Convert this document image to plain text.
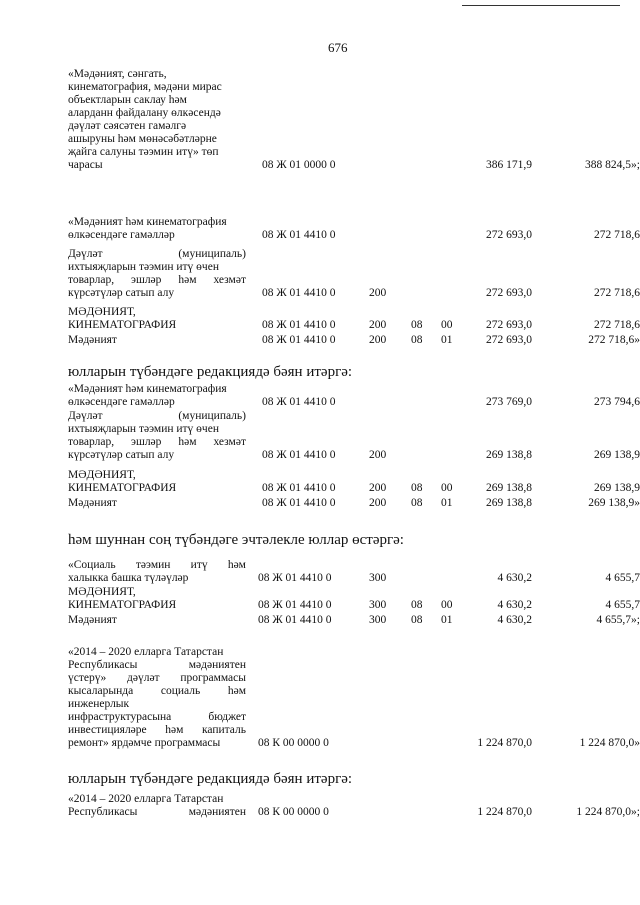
676
«Мәдәният, сәнгать,
кинематография, мәдәни мирас
объектларын саклау һәм
аларданн файдалану өлкәсендә
дәүләт сәясәтен гамәлгә
ашыруны һәм мөнәсәбәтләрне
җайга салуны тәэмин итү» төп
чарасы	08 Ж 01 0000 0	386 171,9	388 824,5»;
«Мәдәният һәм кинематография
өлкәсендәге гамәлләр	08 Ж 01 4410 0	272 693,0	272 718,6
Дәүләт	(муниципаль)
ихтыяҗларын тәэмин итү өчен
товарлар, эшләр һәм хезмәт
күрсәтүләр сатып алу	08 Ж 01 4410 0	200	272 693,0	272 718,6
МӘДӘНИЯТ,
КИНЕМАТОГРАФИЯ	08 Ж 01 4410 0	200 08 00	272 693,0	272 718,6
Мәдәният	08 Ж 01 4410 0	200 08 01	272 693,0	272 718,6»
юлларын түбәндәге редакциядә бәян итәргә:
«Мәдәният һәм кинематография
өлкәсендәге гамәлләр	08 Ж 01 4410 0	273 769,0	273 794,6
Дәүләт	(муниципаль)
ихтыяҗларын тәэмин итү өчен
товарлар, эшләр һәм хезмәт
күрсәтүләр сатып алу	08 Ж 01 4410 0	200	269 138,8	269 138,9
МӘДӘНИЯТ,
КИНЕМАТОГРАФИЯ	08 Ж 01 4410 0	200 08 00	269 138,8	269 138,9
Мәдәният	08 Ж 01 4410 0	200 08 01	269 138,8	269 138,9»
һәм шуннан соң түбәндәге эчтәлекле юллар өстәргә:
«Социаль тәэмин итү һәм
халыкка башка түләүләр	08 Ж 01 4410 0	300	4 630,2	4 655,7
МӘДӘНИЯТ,
КИНЕМАТОГРАФИЯ	08 Ж 01 4410 0	300 08 00	4 630,2	4 655,7
Мәдәният	08 Ж 01 4410 0	300 08 01	4 630,2	4 655,7»;
«2014 – 2020 елларга Татарстан
Республикасы	мәдәниятен
үстерү» дәүләт программасы
кысаларында социаль һәм
инженерлык
инфраструктурасына	бюджет
инвестицияләре һәм капиталь
ремонт» ярдәмче программасы	08 К 00 0000 0	1 224 870,0	1 224 870,0»
юлларын түбәндәге редакциядә бәян итәргә:
«2014 – 2020 елларга Татарстан
Республикасы	мәдәниятен 08 К 00 0000 0	1 224 870,0	1 224 870,0»;
